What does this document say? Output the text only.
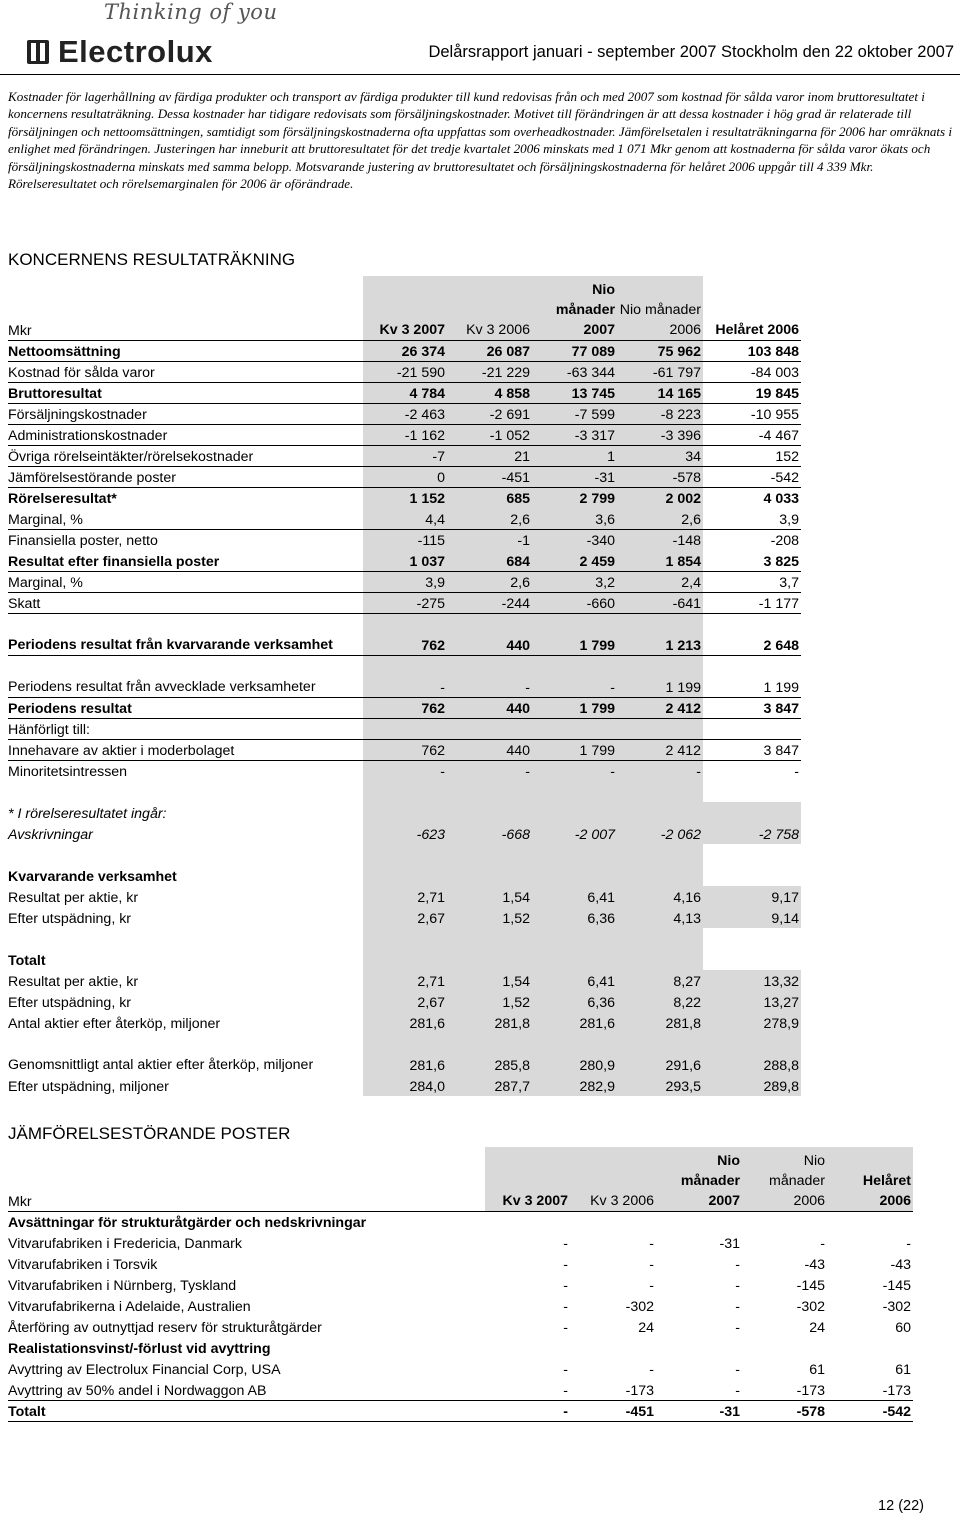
Thinking of you
Electrolux	Delårsrapport januari - september 2007 Stockholm den 22 oktober 2007

Kostnader för lagerhållning av färdiga produkter och transport av färdiga produkter till kund redovisas från och med 2007 som kostnad för sålda varor inom bruttoresultatet i koncernens resultaträkning. Dessa kostnader har tidigare redovisats som försäljningskostnader. Motivet till förändringen är att dessa kostnader i hög grad är relaterade till försäljningen och nettoomsättningen, samtidigt som försäljningskostnaderna ofta uppfattas som overheadkostnader. Jämförelsetalen i resultaträkningarna för 2006 har omräknats i enlighet med förändringen. Justeringen har inneburit att bruttoresultatet för det tredje kvartalet 2006 minskats med 1 071 Mkr genom att kostnaderna för sålda varor ökats och försäljningskostnaderna minskats med samma belopp. Motsvarande justering av bruttoresultatet och försäljningskostnaderna för helåret 2006 uppgår till 4 339 Mkr. Rörelseresultatet och rörelsemarginalen för 2006 är oförändrade.

KONCERNENS RESULTATRÄKNING
Mkr	Kv 3 2007	Kv 3 2006	Nio månader 2007	Nio månader 2006	Helåret 2006
Nettoomsättning	26 374	26 087	77 089	75 962	103 848
Kostnad för sålda varor	-21 590	-21 229	-63 344	-61 797	-84 003
Bruttoresultat	4 784	4 858	13 745	14 165	19 845
Försäljningskostnader	-2 463	-2 691	-7 599	-8 223	-10 955
Administrationskostnader	-1 162	-1 052	-3 317	-3 396	-4 467
Övriga rörelseintäkter/rörelsekostnader	-7	21	1	34	152
Jämförelsestörande poster	0	-451	-31	-578	-542
Rörelseresultat*	1 152	685	2 799	2 002	4 033
Marginal, %	4,4	2,6	3,6	2,6	3,9
Finansiella poster, netto	-115	-1	-340	-148	-208
Resultat efter finansiella poster	1 037	684	2 459	1 854	3 825
Marginal, %	3,9	2,6	3,2	2,4	3,7
Skatt	-275	-244	-660	-641	-1 177
Periodens resultat från kvarvarande verksamhet	762	440	1 799	1 213	2 648
Periodens resultat från avvecklade verksamheter	-	-	-	1 199	1 199
Periodens resultat	762	440	1 799	2 412	3 847
Hänförligt till:					
Innehavare av aktier i moderbolaget	762	440	1 799	2 412	3 847
Minoritetsintressen	-	-	-	-	-

* I rörelseresultatet ingår:					
Avskrivningar	-623	-668	-2 007	-2 062	-2 758

Kvarvarande verksamhet					
Resultat per aktie, kr	2,71	1,54	6,41	4,16	9,17
Efter utspädning, kr	2,67	1,52	6,36	4,13	9,14

Totalt					
Resultat per aktie, kr	2,71	1,54	6,41	8,27	13,32
Efter utspädning, kr	2,67	1,52	6,36	8,22	13,27
Antal aktier efter återköp, miljoner	281,6	281,8	281,6	281,8	278,9
Genomsnittligt antal aktier efter återköp, miljoner	281,6	285,8	280,9	291,6	288,8
Efter utspädning, miljoner	284,0	287,7	282,9	293,5	289,8
JÄMFÖRELSESTÖRANDE POSTER
Mkr	Kv 3 2007	Kv 3 2006	Nio månader 2007	Nio månader 2006	Helåret 2006
Avsättningar för strukturåtgärder och nedskrivningar					
Vitvarufabriken i Fredericia, Danmark	-	-	-31	-	-
Vitvarufabriken i Torsvik	-	-	-	-43	-43
Vitvarufabriken i Nürnberg, Tyskland	-	-	-	-145	-145
Vitvarufabrikerna i Adelaide, Australien	-	-302	-	-302	-302
Återföring av outnyttjad reserv för strukturåtgärder	-	24	-	24	60
Realistationsvinst/-förlust vid avyttring					
Avyttring av Electrolux Financial Corp, USA	-	-	-	61	61
Avyttring av 50% andel i Nordwaggon AB	-	-173	-	-173	-173
Totalt	-	-451	-31	-578	-542
12 (22)
